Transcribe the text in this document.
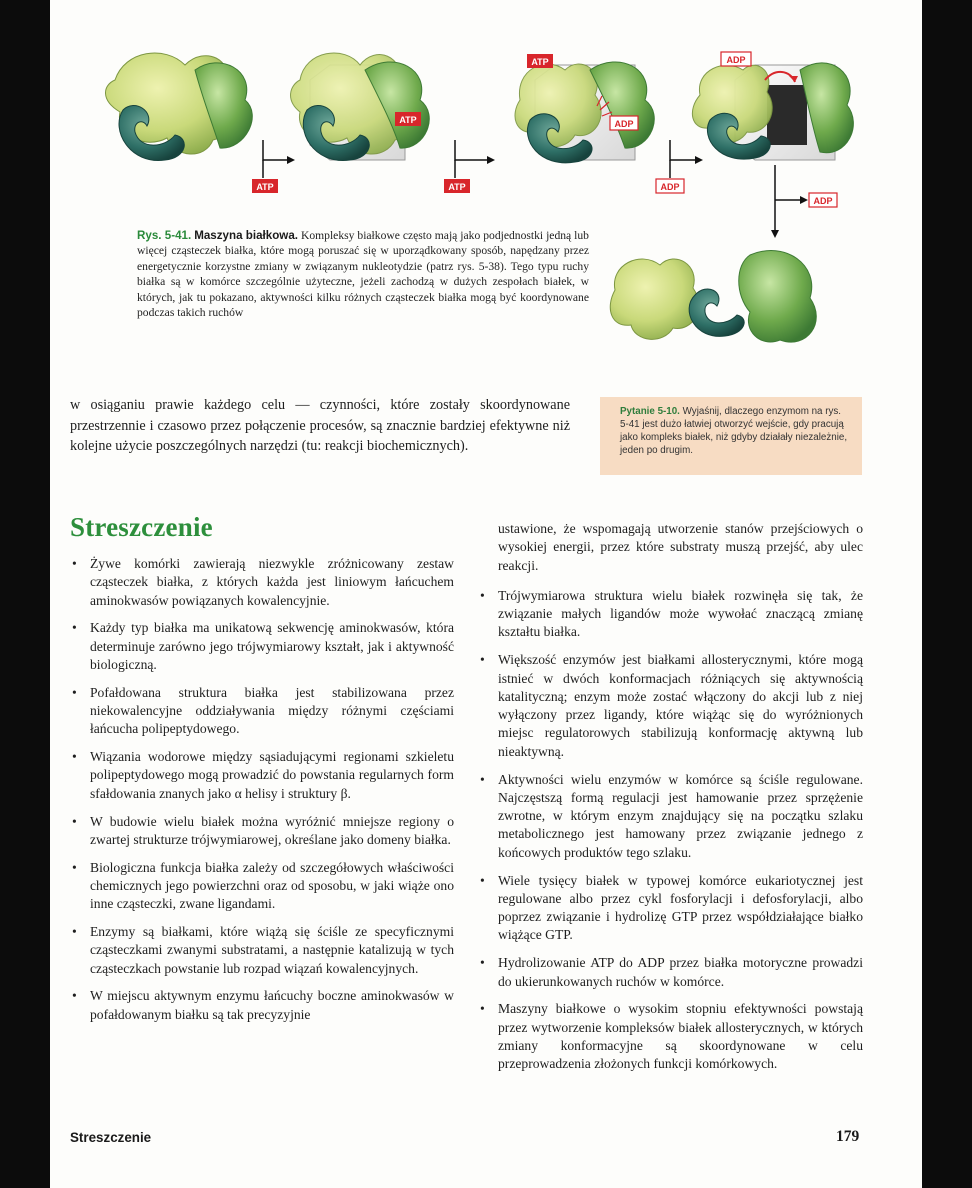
ATP
ATP
ATP
ATP
ADP
ADP
ADP
ADP
Rys. 5-41. Maszyna białkowa. Kompleksy białkowe często mają jako podjednostki jedną lub więcej cząsteczek białka, które mogą poruszać się w uporządkowany sposób, napędzany przez energetycznie korzystne zmiany w związanym nukleotydzie (patrz rys. 5-38). Tego typu ruchy białka są w komórce szczególnie użyteczne, jeżeli zachodzą w dużych zespołach białek, w których, jak tu pokazano, aktywności kilku różnych cząsteczek białka mogą być koordynowane podczas takich ruchów
w osiąganiu prawie każdego celu — czynności, które zostały skoordynowane przestrzennie i czasowo przez połączenie procesów, są znacznie bardziej efektywne niż kolejne użycie poszczególnych narzędzi (tu: reakcji biochemicznych).
Pytanie 5-10. Wyjaśnij, dlaczego enzymom na rys. 5-41 jest dużo łatwiej otworzyć wejście, gdy pracują jako kompleks białek, niż gdyby działały niezależnie, jeden po drugim.
Streszczenie

• Żywe komórki zawierają niezwykle zróżnicowany zestaw cząsteczek białka, z których każda jest liniowym łańcuchem aminokwasów powiązanych kowalencyjnie.

• Każdy typ białka ma unikatową sekwencję aminokwasów, która determinuje zarówno jego trójwymiarowy kształt, jak i aktywność biologiczną.

• Pofałdowana struktura białka jest stabilizowana przez niekowalencyjne oddziaływania między różnymi częściami łańcucha polipeptydowego.

• Wiązania wodorowe między sąsiadującymi regionami szkieletu polipeptydowego mogą prowadzić do powstania regularnych form sfałdowania znanych jako α helisy i struktury β.

• W budowie wielu białek można wyróżnić mniejsze regiony o zwartej strukturze trójwymiarowej, określane jako domeny białka.

• Biologiczna funkcja białka zależy od szczegółowych właściwości chemicznych jego powierzchni oraz od sposobu, w jaki wiąże ono inne cząsteczki, zwane ligandami.

• Enzymy są białkami, które wiążą się ściśle ze specyficznymi cząsteczkami zwanymi substratami, a następnie katalizują w tych cząsteczkach powstanie lub rozpad wiązań kowalencyjnych.

• W miejscu aktywnym enzymu łańcuchy boczne aminokwasów w pofałdowanym białku są tak precyzyjnie

ustawione, że wspomagają utworzenie stanów przejściowych o wysokiej energii, przez które substraty muszą przejść, aby ulec reakcji.

• Trójwymiarowa struktura wielu białek rozwinęła się tak, że związanie małych ligandów może wywołać znaczącą zmianę kształtu białka.

• Większość enzymów jest białkami allosterycznymi, które mogą istnieć w dwóch konformacjach różniących się aktywnością katalityczną; enzym może zostać włączony do akcji lub z niej wyłączony przez ligandy, które wiążąc się do wyróżnionych miejsc regulatorowych stabilizują konformację aktywną lub nieaktywną.

• Aktywności wielu enzymów w komórce są ściśle regulowane. Najczęstszą formą regulacji jest hamowanie przez sprzężenie zwrotne, w którym enzym znajdujący się na początku szlaku metabolicznego jest hamowany przez związanie jednego z końcowych produktów tego szlaku.

• Wiele tysięcy białek w typowej komórce eukariotycznej jest regulowane albo przez cykl fosforylacji i defosforylacji, albo poprzez związanie i hydrolizę GTP przez współdziałające białko wiążące GTP.

• Hydrolizowanie ATP do ADP przez białka motoryczne prowadzi do ukierunkowanych ruchów w komórce.

• Maszyny białkowe o wysokim stopniu efektywności powstają przez wytworzenie kompleksów białek allosterycznych, w których zmiany konformacyjne są skoordynowane w celu przeprowadzenia złożonych funkcji komórkowych.

Streszczenie	179
